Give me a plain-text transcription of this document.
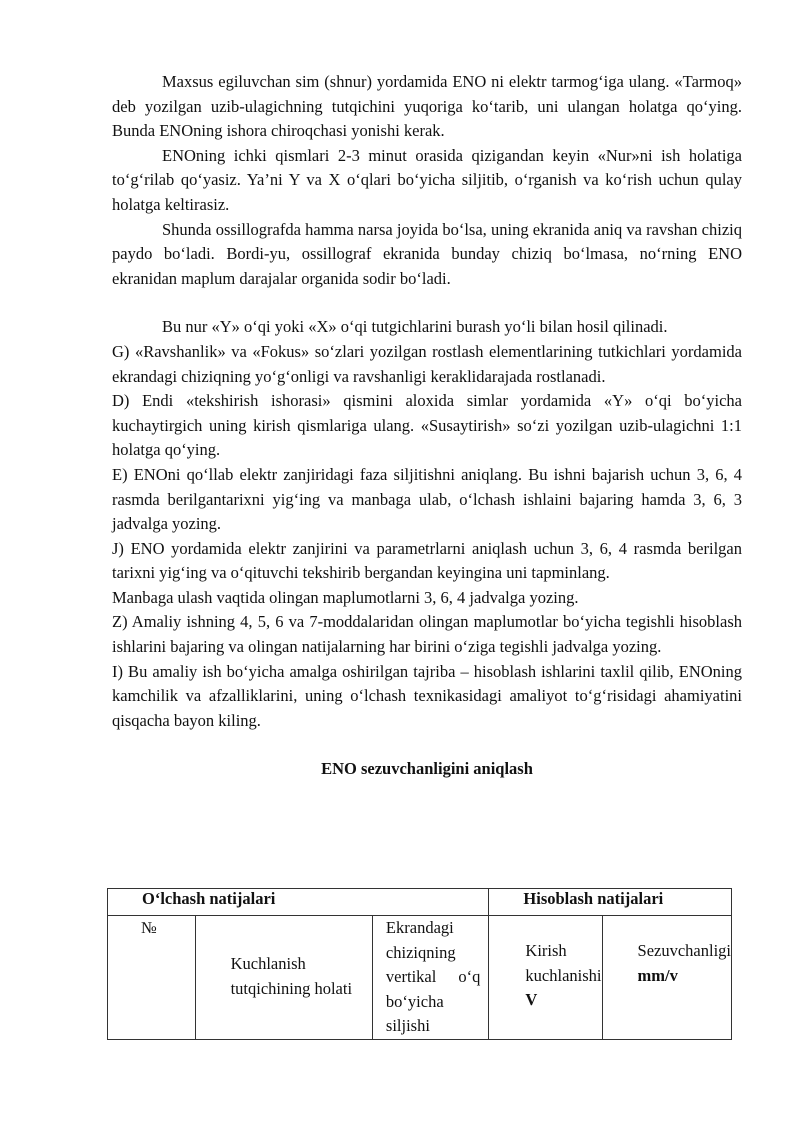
Maxsus egiluvchan sim (shnur) yordamida ENO ni elektr tarmog‘iga ulang. «Tarmoq» deb yozilgan uzib-ulagichning tutqichini yuqoriga ko‘tarib, uni ulangan holatga qo‘ying. Bunda ENOning ishora chiroqchasi yonishi kerak.

ENOning ichki qismlari 2-3 minut orasida qizigandan keyin «Nur»ni ish holatiga to‘g‘rilab qo‘yasiz. Ya’ni Y va X o‘qlari bo‘yicha siljitib, o‘rganish va ko‘rish uchun qulay holatga keltirasiz.

Shunda ossillografda hamma narsa joyida bo‘lsa, uning ekranida aniq va ravshan chiziq paydo bo‘ladi. Bordi-yu, ossillograf ekranida bunday chiziq bo‘lmasa, no‘rning ENO ekranidan maplum darajalar organida sodir bo‘ladi.

Bu nur «Y» o‘qi yoki «X» o‘qi tutgichlarini burash yo‘li bilan hosil qilinadi.

G) «Ravshanlik» va «Fokus» so‘zlari yozilgan rostlash elementlarining tutkichlari yordamida ekrandagi chiziqning yo‘g‘onligi va ravshanligi keraklidarajada rostlanadi.

D) Endi «tekshirish ishorasi» qismini aloxida simlar yordamida «Y» o‘qi bo‘yicha kuchaytirgich uning kirish qismlariga ulang. «Susaytirish» so‘zi yozilgan uzib-ulagichni 1:1 holatga qo‘ying.

E) ENOni qo‘llab elektr zanjiridagi faza siljitishni aniqlang. Bu ishni bajarish uchun 3, 6, 4 rasmda berilgantarixni yig‘ing va manbaga ulab, o‘lchash ishlaini bajaring hamda 3, 6, 3 jadvalga yozing.

J) ENO yordamida elektr zanjirini va parametrlarni aniqlash uchun 3, 6, 4 rasmda berilgan tarixni yig‘ing va o‘qituvchi tekshirib bergandan keyingina uni tapminlang.

Manbaga ulash vaqtida olingan maplumotlarni 3, 6, 4 jadvalga yozing.

Z) Amaliy ishning 4, 5, 6 va 7-moddalaridan olingan maplumotlar bo‘yicha tegishli hisoblash ishlarini bajaring va olingan natijalarning har birini o‘ziga tegishli jadvalga yozing.

I) Bu amaliy ish bo‘yicha amalga oshirilgan tajriba – hisoblash ishlarini taxlil qilib, ENOning kamchilik va afzalliklarini, uning o‘lchash texnikasidagi amaliyot to‘g‘risidagi ahamiyatini qisqacha bayon kiling.

ENO sezuvchanligini aniqlash

O‘lchash natijalari			Hisoblash natijalari	
№	Kuchlanish tutqichining holati	Ekrandagi chiziqning vertikal o‘q bo‘yicha siljishi	Kirish kuchlanishi V	Sezuvchanligi
mm/v
